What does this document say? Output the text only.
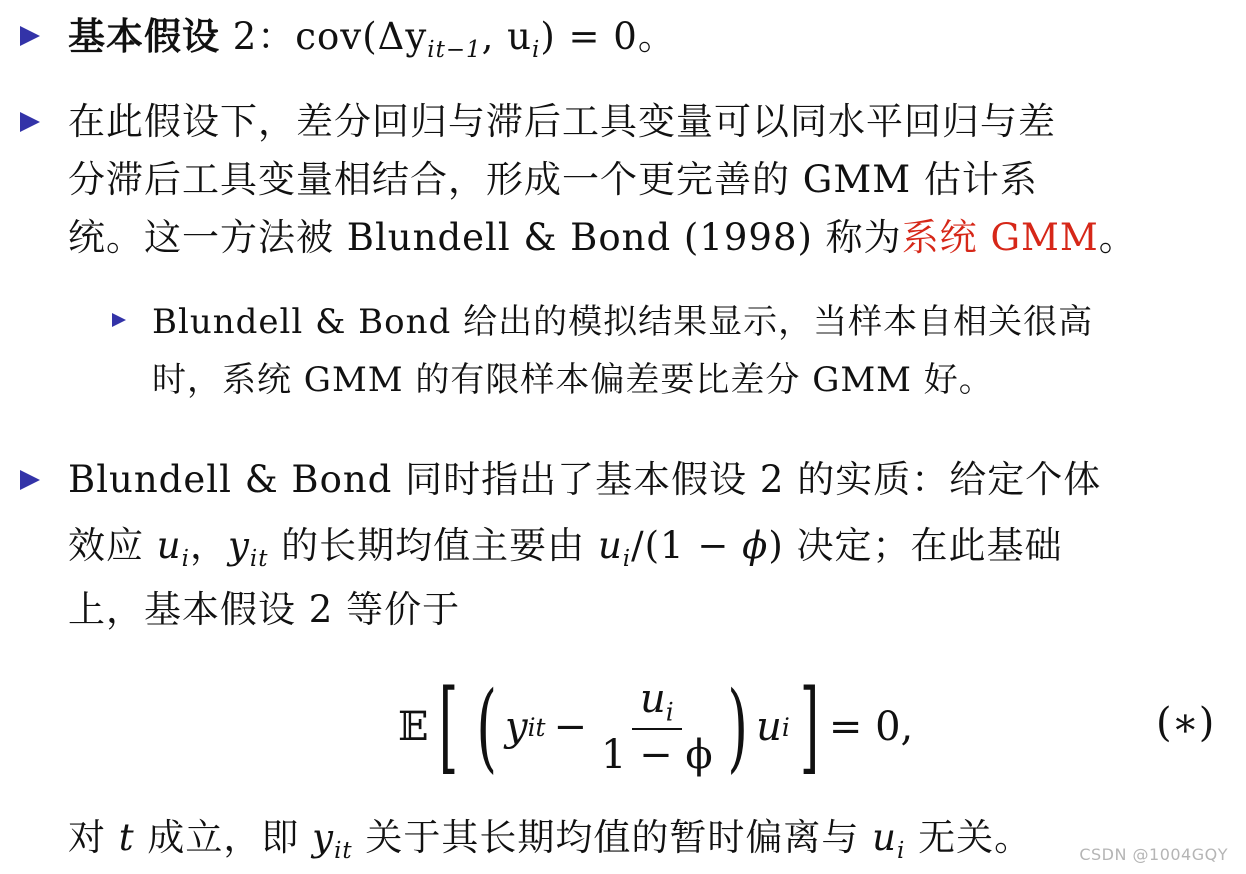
基本假设 2：$cov(\Delta y_{it-1}$, $u_i) = 0$。
在此假设下，差分回归与滞后工具变量可以同水平回归与差
分滞后工具变量相结合，形成一个更完善的 GMM 估计系
统。这一方法被 Blundell & Bond (1998) 称为系统 GMM。
Blundell & Bond 给出的模拟结果显示，当样本自相关很高
时，系统 GMM 的有限样本偏差要比差分 GMM 好。
Blundell & Bond 同时指出了基本假设 2 的实质：给定个体
效应 $u_i$，$y_{it}$ 的长期均值主要由 $u_i/(1 - \phi)$ 决定；在此基础
上，基本假设 2 等价于
𝔼 [ ( y it − $\frac{u_i}{1 - \phi}$ ) u i ] = 0,	(∗)
对 t 成立，即 $y_{it}$ 关于其长期均值的暂时偏离与 $u_i$ 无关。	CSDN @1004GQY
